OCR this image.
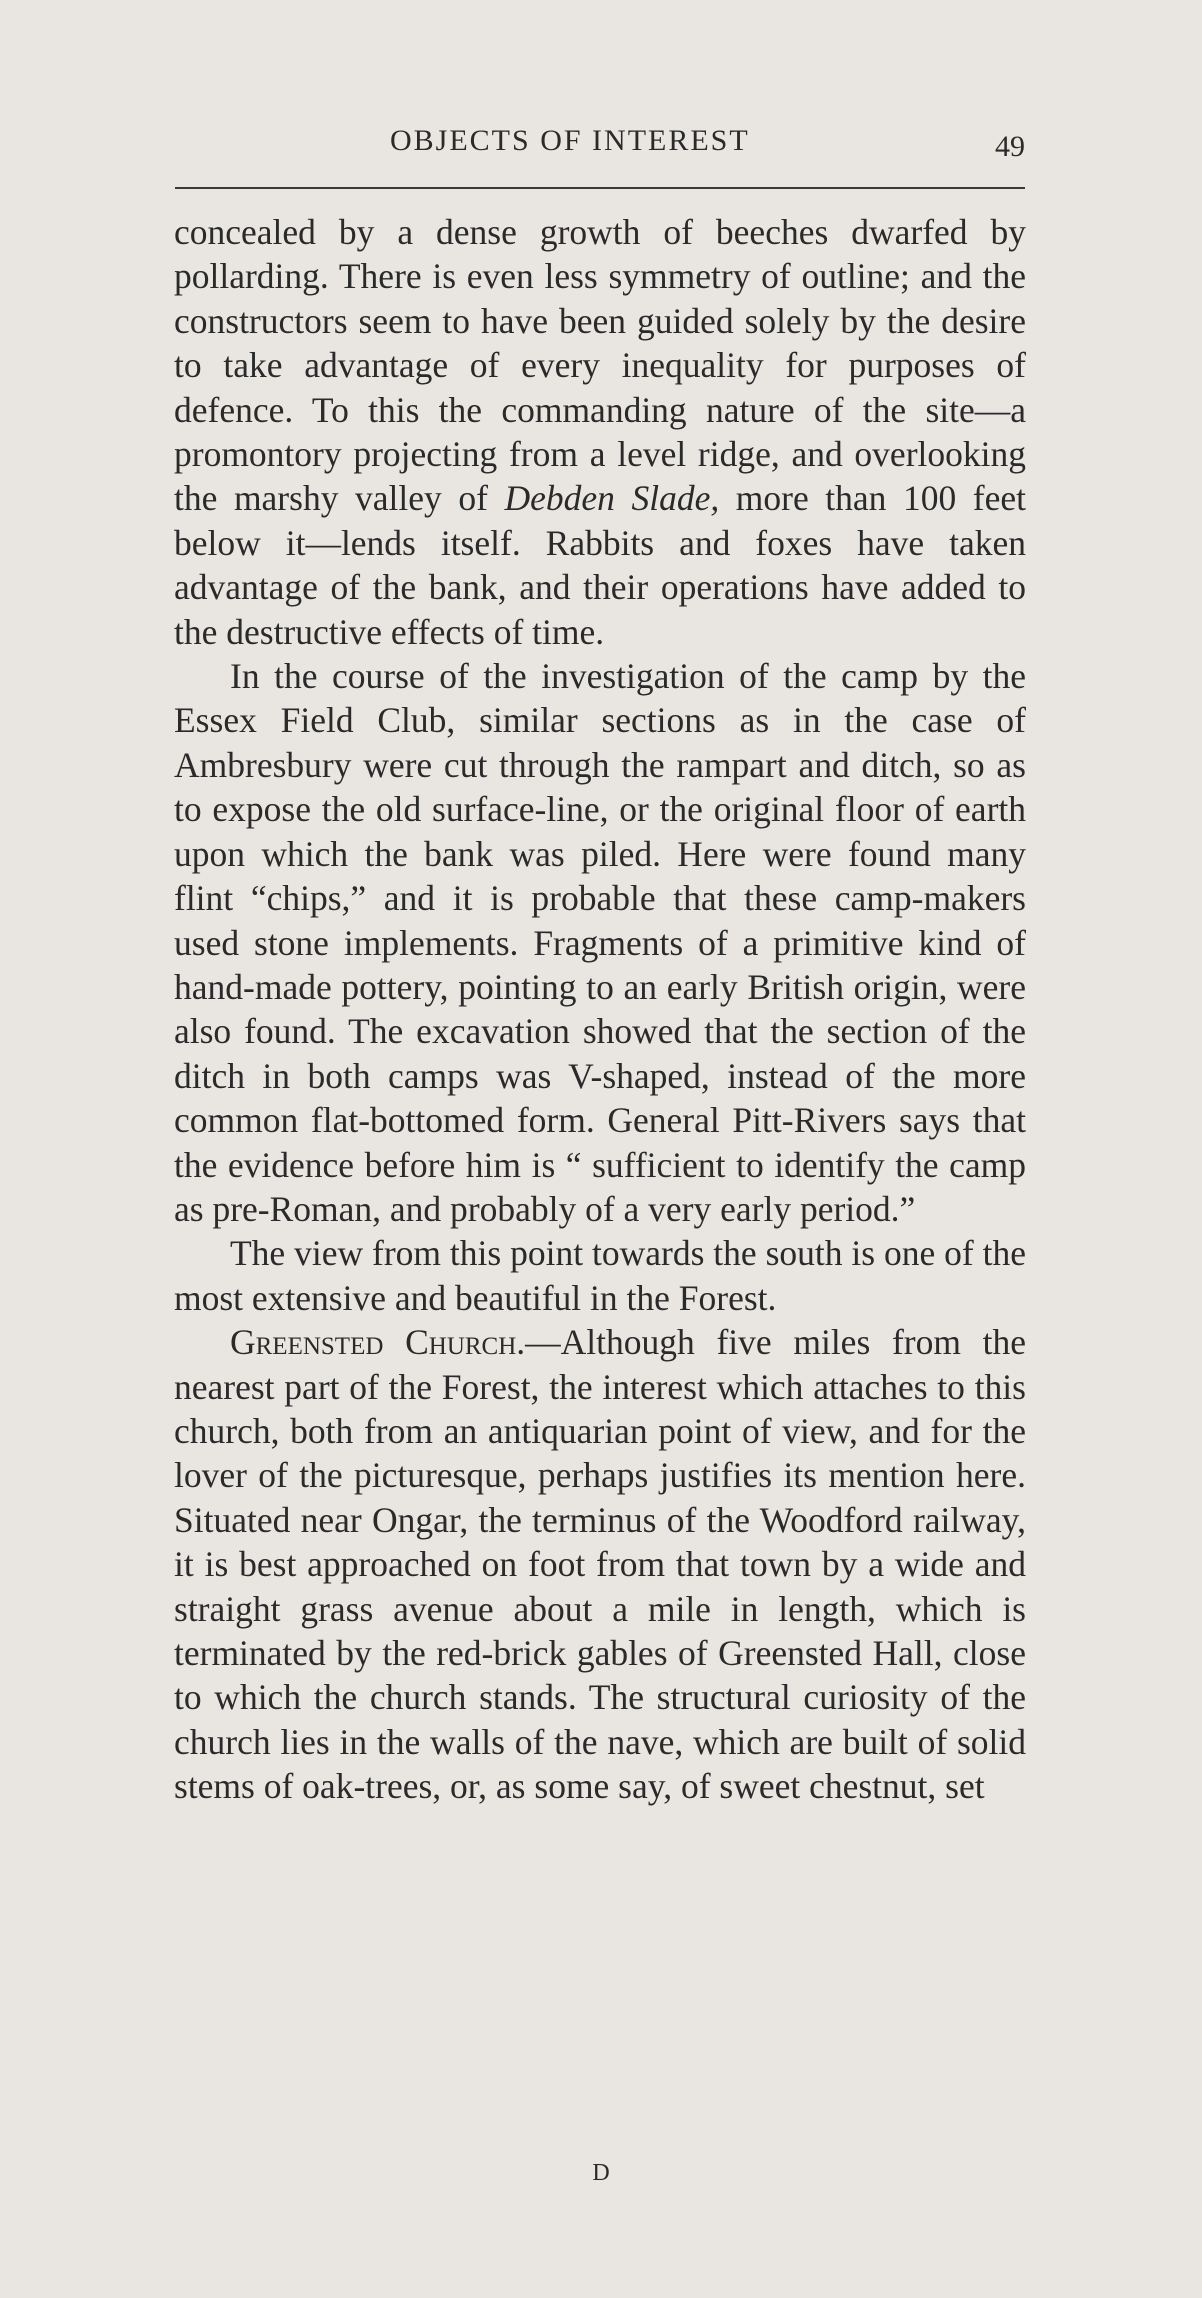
OBJECTS OF INTEREST	49

concealed by a dense growth of beeches dwarfed by pollarding. There is even less symmetry of outline; and the constructors seem to have been guided solely by the desire to take advantage of every inequality for purposes of defence. To this the commanding nature of the site—a promontory projecting from a level ridge, and overlooking the marshy valley of Debden Slade, more than 100 feet below it—lends itself. Rabbits and foxes have taken advantage of the bank, and their operations have added to the destructive effects of time.

In the course of the investigation of the camp by the Essex Field Club, similar sections as in the case of Ambresbury were cut through the rampart and ditch, so as to expose the old surface-line, or the original floor of earth upon which the bank was piled. Here were found many flint “chips,” and it is probable that these camp-makers used stone implements. Fragments of a primitive kind of hand-made pottery, pointing to an early British origin, were also found. The excavation showed that the section of the ditch in both camps was V-shaped, instead of the more common flat-bottomed form. General Pitt-Rivers says that the evidence before him is “ sufficient to identify the camp as pre-Roman, and probably of a very early period.”

The view from this point towards the south is one of the most extensive and beautiful in the Forest.

Greensted Church.—Although five miles from the nearest part of the Forest, the interest which attaches to this church, both from an antiquarian point of view, and for the lover of the picturesque, perhaps justifies its mention here. Situated near Ongar, the terminus of the Woodford railway, it is best approached on foot from that town by a wide and straight grass avenue about a mile in length, which is terminated by the red-brick gables of Greensted Hall, close to which the church stands. The structural curiosity of the church lies in the walls of the nave, which are built of solid stems of oak-trees, or, as some say, of sweet chestnut, set

D
